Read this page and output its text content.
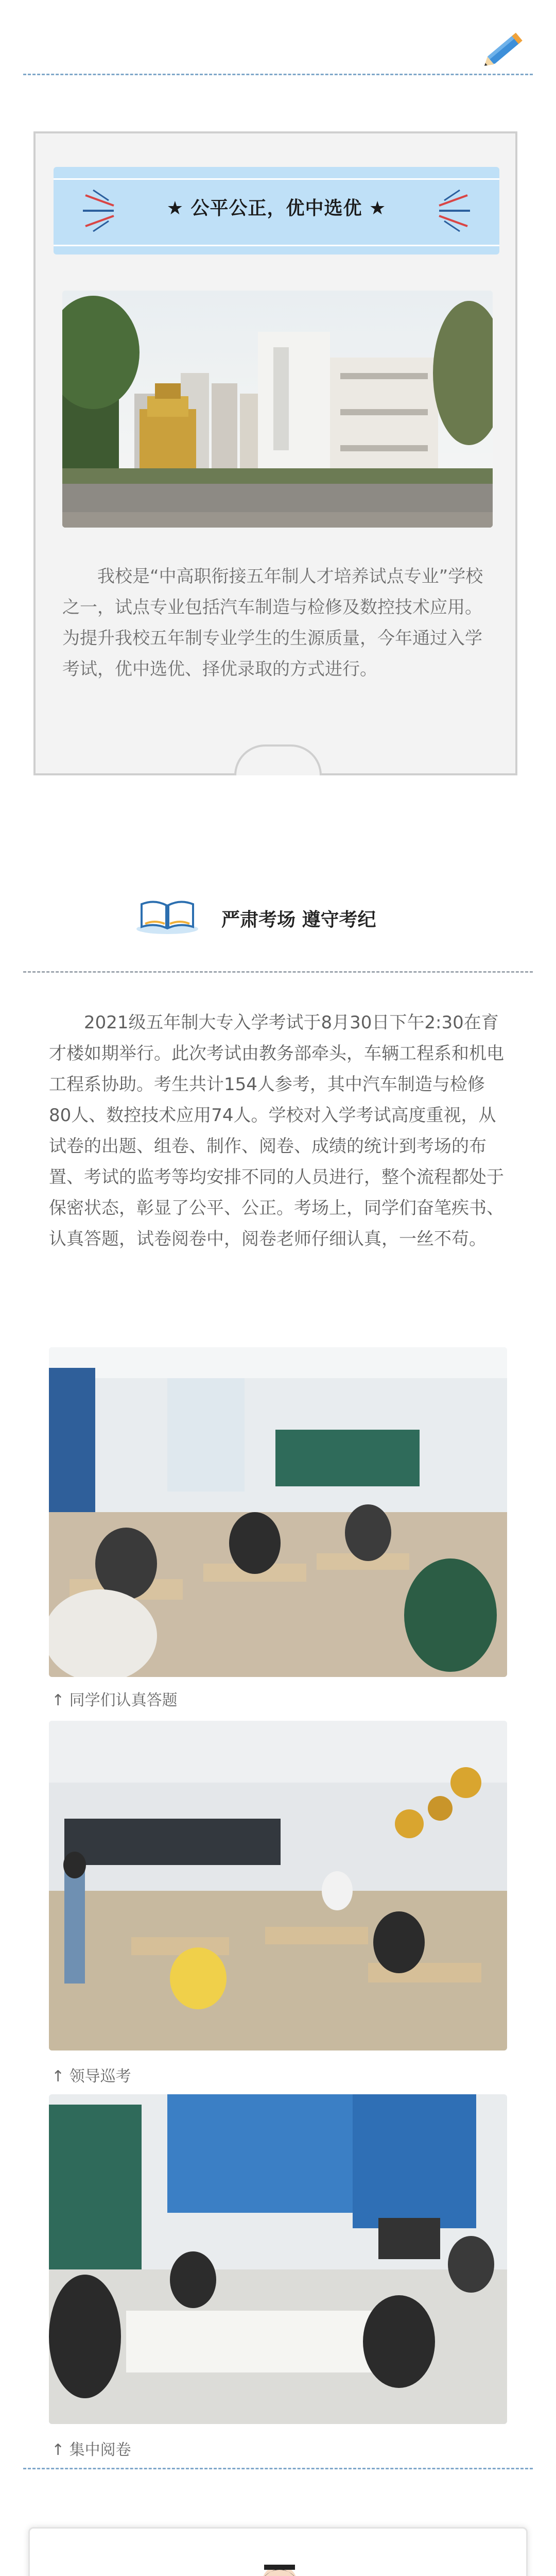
★ 公平公正，优中选优 ★
我校是“中高职衔接五年制人才培养试点专业”学校之一，试点专业包括汽车制造与检修及数控技术应用。为提升我校五年制专业学生的生源质量，今年通过入学考试，优中选优、择优录取的方式进行。
严肃考场 遵守考纪
2021级五年制大专入学考试于8月30日下午2:30在育才楼如期举行。此次考试由教务部牵头，车辆工程系和机电工程系协助。考生共计154人参考，其中汽车制造与检修80人、数控技术应用74人。学校对入学考试高度重视，从试卷的出题、组卷、制作、阅卷、成绩的统计到考场的布置、考试的监考等均安排不同的人员进行，整个流程都处于保密状态，彰显了公平、公正。考场上，同学们奋笔疾书、认真答题，试卷阅卷中，阅卷老师仔细认真，一丝不苟。
↑ 同学们认真答题
↑ 领导巡考
↑ 集中阅卷
